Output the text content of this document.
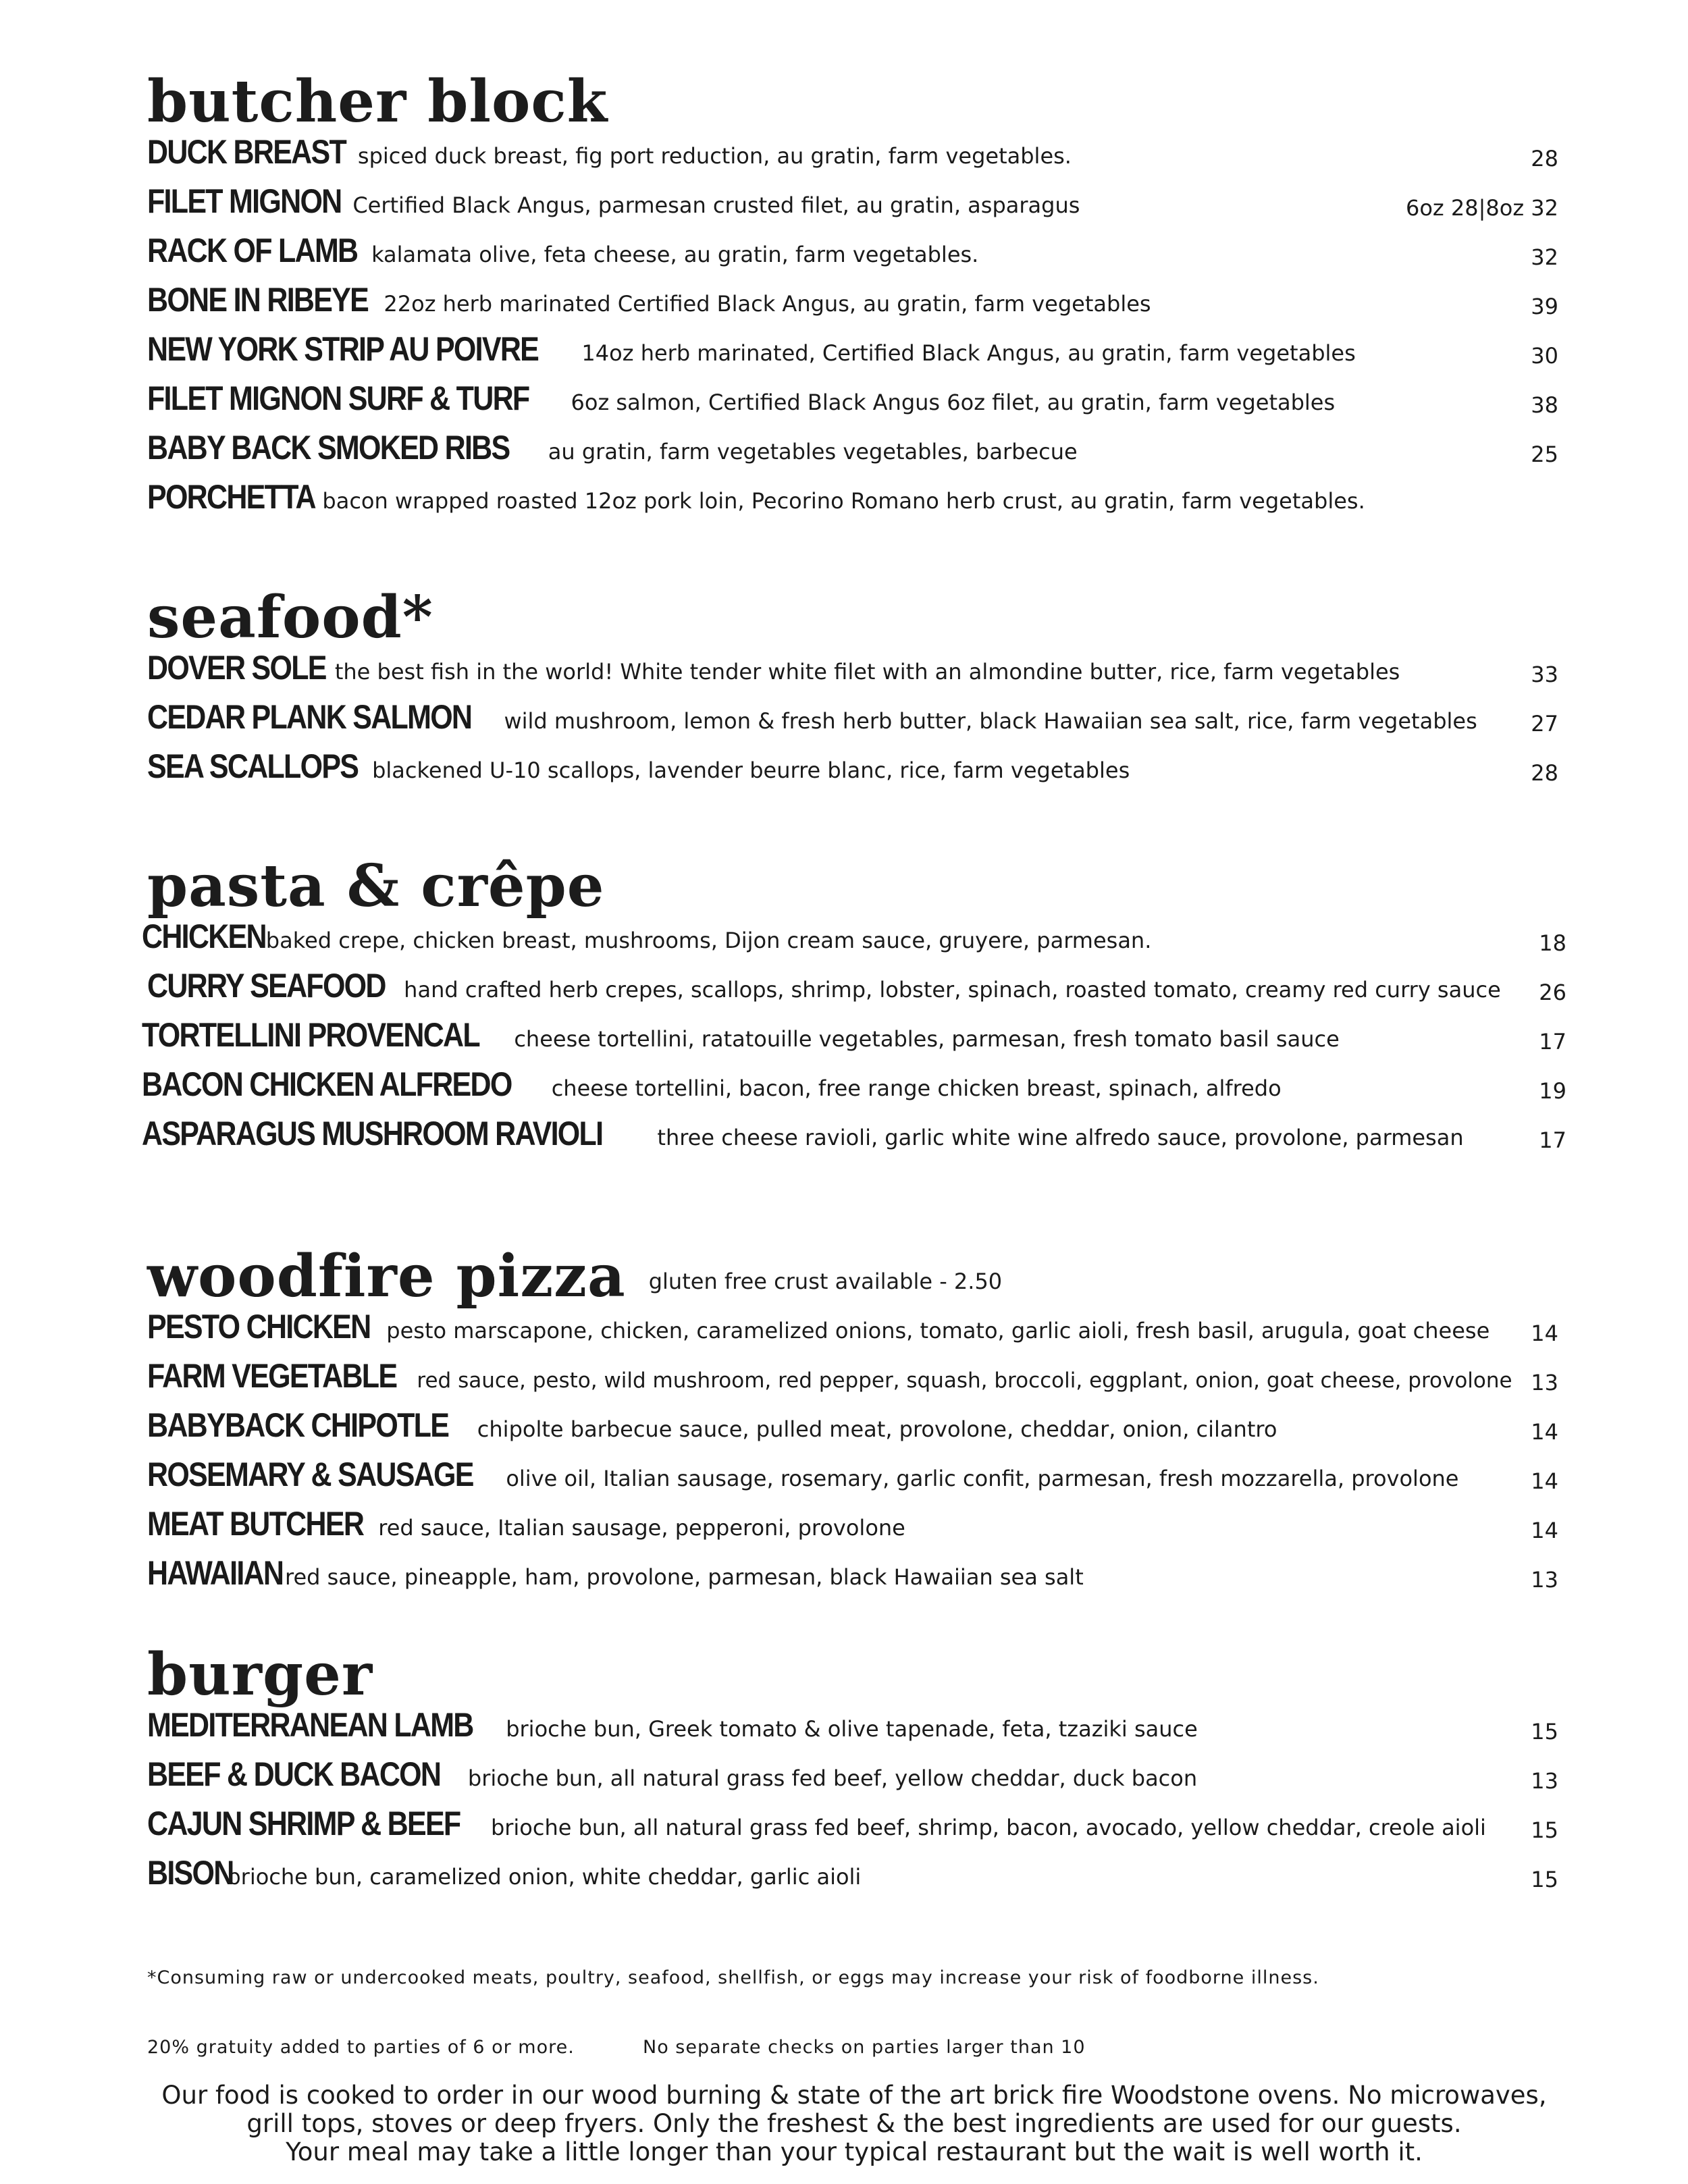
butcher block
DUCK BREAST spiced duck breast, fig port reduction, au gratin, farm vegetables.	28
FILET MIGNON Certified Black Angus, parmesan crusted filet, au gratin, asparagus	6oz 28|8oz 32
RACK OF LAMB kalamata olive, feta cheese, au gratin, farm vegetables.	32
BONE IN RIBEYE 22oz herb marinated Certified Black Angus, au gratin, farm vegetables	39
NEW YORK STRIP AU POIVRE 14oz herb marinated, Certified Black Angus, au gratin, farm vegetables	30
FILET MIGNON SURF & TURF 6oz salmon, Certified Black Angus 6oz filet, au gratin, farm vegetables	38
BABY BACK SMOKED RIBS au gratin, farm vegetables vegetables, barbecue	25
PORCHETTA bacon wrapped roasted 12oz pork loin, Pecorino Romano herb crust, au gratin, farm vegetables.
seafood*
DOVER SOLE the best fish in the world! White tender white filet with an almondine butter, rice, farm vegetables	33
CEDAR PLANK SALMON wild mushroom, lemon & fresh herb butter, black Hawaiian sea salt, rice, farm vegetables 27
SEA SCALLOPS blackened U-10 scallops, lavender beurre blanc, rice, farm vegetables	28
pasta & crêpe
CHICKENbaked crepe, chicken breast, mushrooms, Dijon cream sauce, gruyere, parmesan.	18
CURRY SEAFOOD hand crafted herb crepes, scallops, shrimp, lobster, spinach, roasted tomato, creamy red curry sauce 26
TORTELLINI PROVENCAL cheese tortellini, ratatouille vegetables, parmesan, fresh tomato basil sauce	17
BACON CHICKEN ALFREDO cheese tortellini, bacon, free range chicken breast, spinach, alfredo	19
ASPARAGUS MUSHROOM RAVIOLI	three cheese ravioli, garlic white wine alfredo sauce, provolone, parmesan	17
woodfire pizza gluten free crust available - 2.50
PESTO CHICKEN pesto marscapone, chicken, caramelized onions, tomato, garlic aioli, fresh basil, arugula, goat cheese 14
FARM VEGETABLE red sauce, pesto, wild mushroom, red pepper, squash, broccoli, eggplant, onion, goat cheese, provolone 13
BABYBACK CHIPOTLE chipolte barbecue sauce, pulled meat, provolone, cheddar, onion, cilantro	14
ROSEMARY & SAUSAGE olive oil, Italian sausage, rosemary, garlic confit, parmesan, fresh mozzarella, provolone	14
MEAT BUTCHER red sauce, Italian sausage, pepperoni, provolone	14
HAWAIIANred sauce, pineapple, ham, provolone, parmesan, black Hawaiian sea salt	13
burger
MEDITERRANEAN LAMB brioche bun, Greek tomato & olive tapenade, feta, tzaziki sauce	15
BEEF & DUCK BACON brioche bun, all natural grass fed beef, yellow cheddar, duck bacon	13
CAJUN SHRIMP & BEEF brioche bun, all natural grass fed beef, shrimp, bacon, avocado, yellow cheddar, creole aioli 15
BISONbrioche bun, caramelized onion, white cheddar, garlic aioli	15
*Consuming raw or undercooked meats, poultry, seafood, shellfish, or eggs may increase your risk of foodborne illness.
20% gratuity added to parties of 6 or more.	No separate checks on parties larger than 10
Our food is cooked to order in our wood burning & state of the art brick fire Woodstone ovens. No microwaves,
grill tops, stoves or deep fryers. Only the freshest & the best ingredients are used for our guests.
Your meal may take a little longer than your typical restaurant but the wait is well worth it.
